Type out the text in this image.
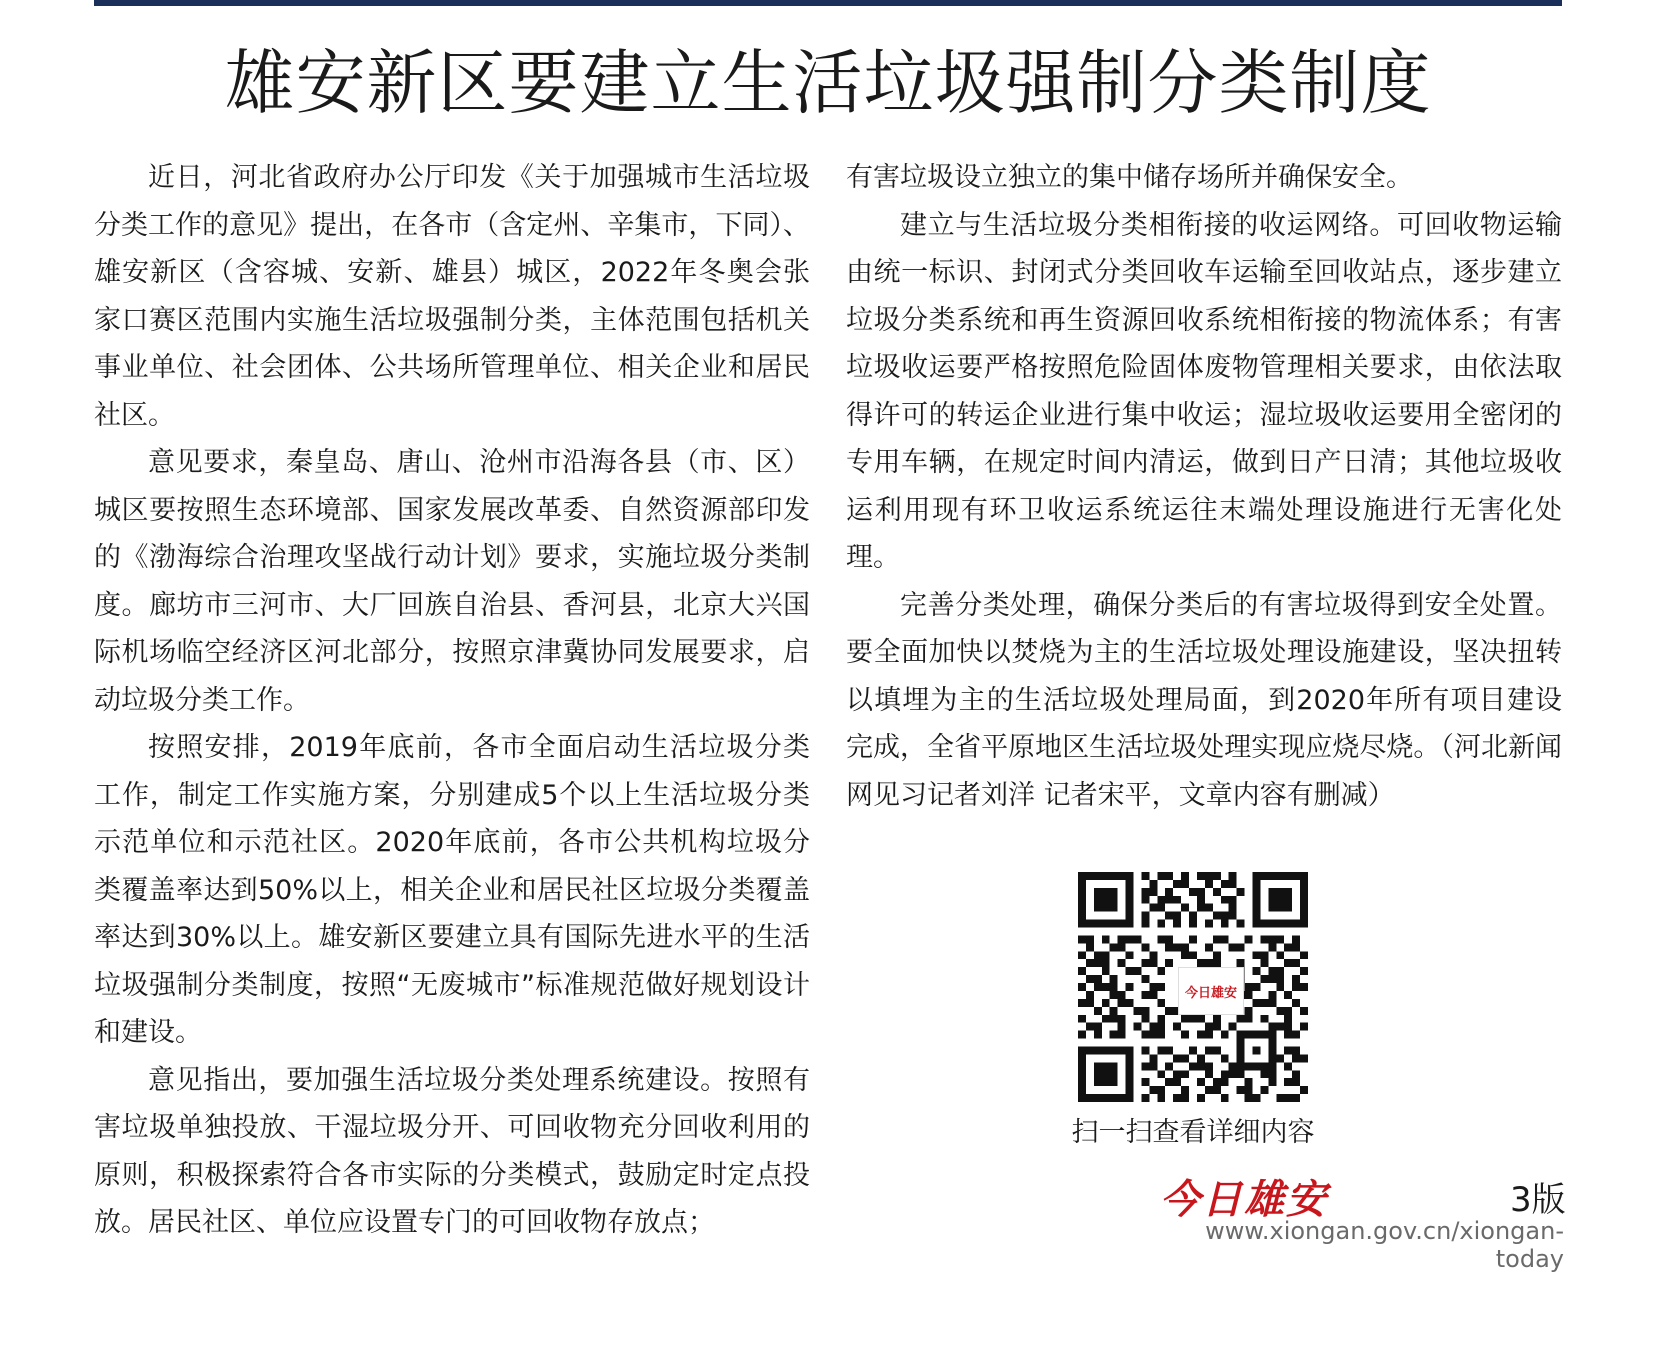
雄安新区要建立生活垃圾强制分类制度

近日，河北省政府办公厅印发《关于加强城市生活垃圾分类工作的意见》提出，在各市（含定州、辛集市，下同）、雄安新区（含容城、安新、雄县）城区，2022年冬奥会张家口赛区范围内实施生活垃圾强制分类，主体范围包括机关事业单位、社会团体、公共场所管理单位、相关企业和居民社区。

意见要求，秦皇岛、唐山、沧州市沿海各县（市、区）城区要按照生态环境部、国家发展改革委、自然资源部印发的《渤海综合治理攻坚战行动计划》要求，实施垃圾分类制度。廊坊市三河市、大厂回族自治县、香河县，北京大兴国际机场临空经济区河北部分，按照京津冀协同发展要求，启动垃圾分类工作。

按照安排，2019年底前，各市全面启动生活垃圾分类工作，制定工作实施方案，分别建成5个以上生活垃圾分类示范单位和示范社区。2020年底前，各市公共机构垃圾分类覆盖率达到50%以上，相关企业和居民社区垃圾分类覆盖率达到30%以上。雄安新区要建立具有国际先进水平的生活垃圾强制分类制度，按照“无废城市”标准规范做好规划设计和建设。

意见指出，要加强生活垃圾分类处理系统建设。按照有害垃圾单独投放、干湿垃圾分开、可回收物充分回收利用的原则，积极探索符合各市实际的分类模式，鼓励定时定点投放。居民社区、单位应设置专门的可回收物存放点；

有害垃圾设立独立的集中储存场所并确保安全。

建立与生活垃圾分类相衔接的收运网络。可回收物运输由统一标识、封闭式分类回收车运输至回收站点，逐步建立垃圾分类系统和再生资源回收系统相衔接的物流体系；有害垃圾收运要严格按照危险固体废物管理相关要求，由依法取得许可的转运企业进行集中收运；湿垃圾收运要用全密闭的专用车辆，在规定时间内清运，做到日产日清；其他垃圾收运利用现有环卫收运系统运往末端处理设施进行无害化处理。

完善分类处理，确保分类后的有害垃圾得到安全处置。要全面加快以焚烧为主的生活垃圾处理设施建设，坚决扭转以填埋为主的生活垃圾处理局面，到2020年所有项目建设完成，全省平原地区生活垃圾处理实现应烧尽烧。（河北新闻网见习记者刘洋 记者宋平，文章内容有删减）

今日雄安
扫一扫查看详细内容
今日雄安	3版
www.xiongan.gov.cn/xiongan-today
